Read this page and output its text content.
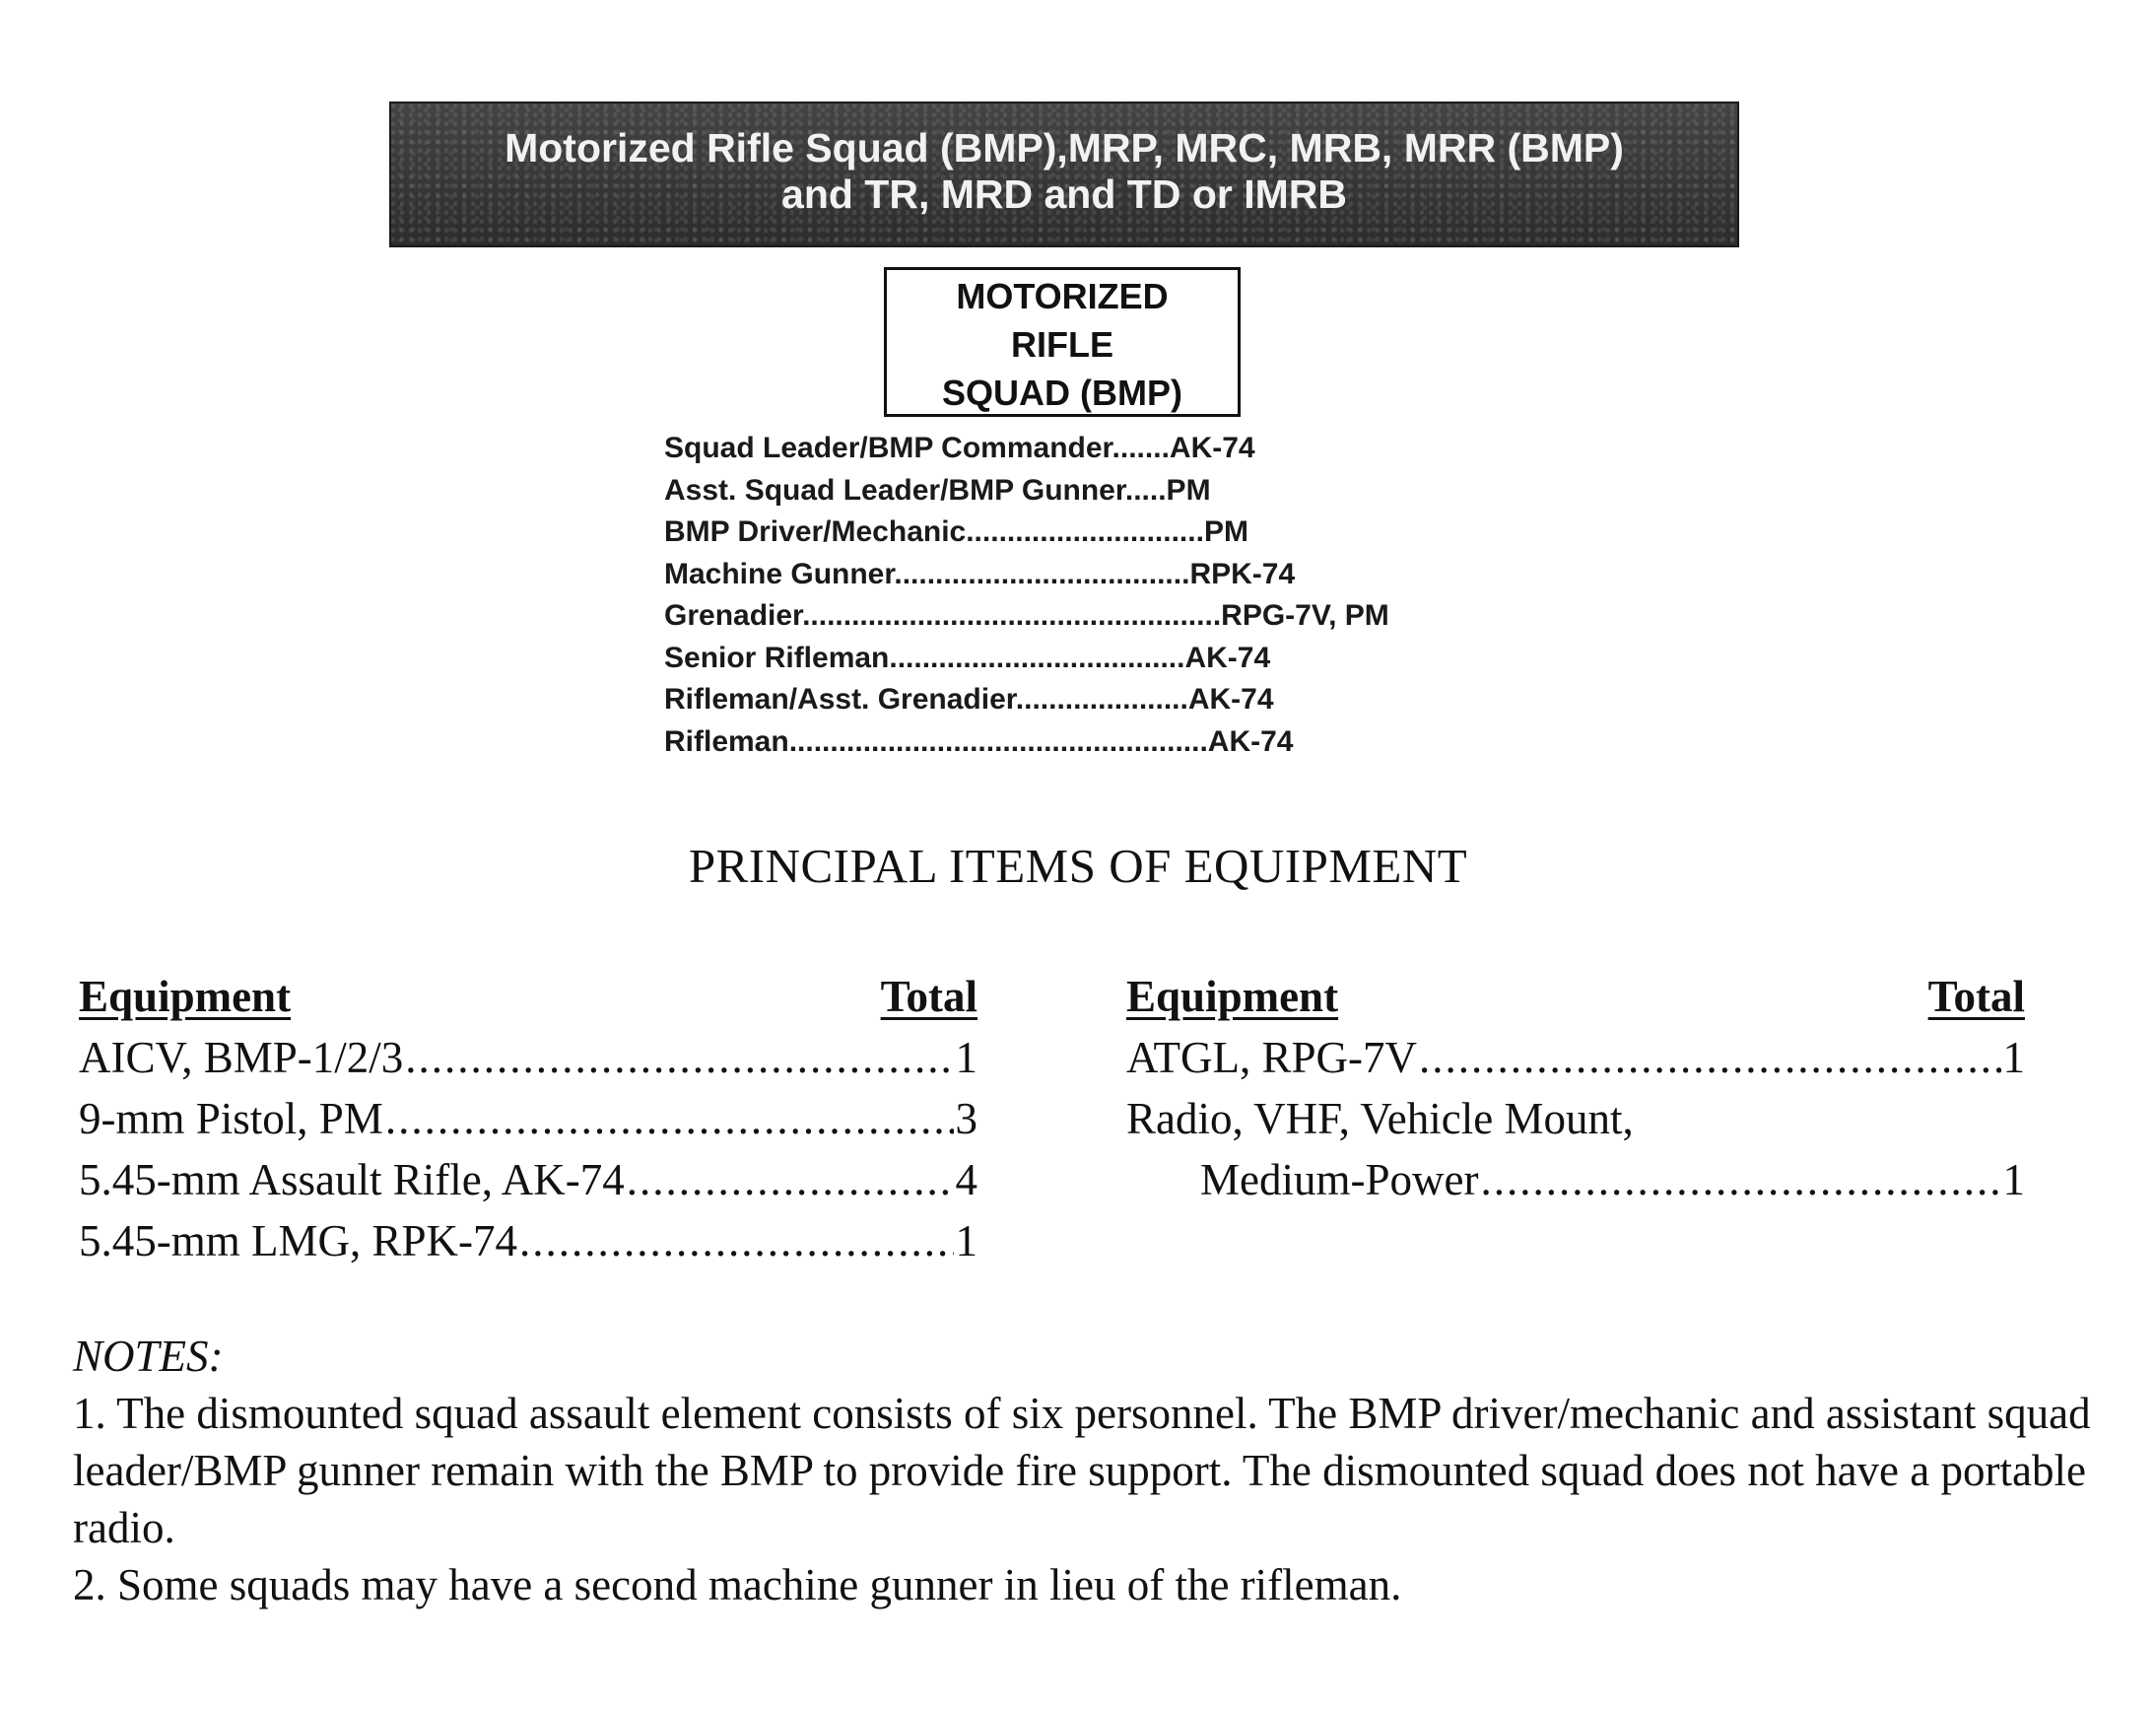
Motorized Rifle Squad (BMP),MRP, MRC, MRB, MRR (BMP)
and TR, MRD and TD or IMRB
MOTORIZED
RIFLE
SQUAD (BMP)
Squad Leader/BMP Commander.......AK-74
Asst. Squad Leader/BMP Gunner.....PM
BMP Driver/Mechanic.............................PM
Machine Gunner....................................RPK-74
Grenadier...................................................RPG-7V, PM
Senior Rifleman....................................AK-74
Rifleman/Asst. Grenadier.....................AK-74
Rifleman...................................................AK-74
PRINCIPAL ITEMS OF EQUIPMENT
Equipment	Total
AICV, BMP-1/2/3 .....	1
9-mm Pistol, PM .....	3
5.45-mm Assault Rifle, AK-74 .....	4
5.45-mm LMG, RPK-74 .....	1
Equipment	Total
ATGL, RPG-7V .....	1
Radio, VHF, Vehicle Mount,
Medium-Power .....	1
NOTES:

1. The dismounted squad assault element consists of six personnel. The BMP driver/mechanic and assistant squad leader/BMP gunner remain with the BMP to provide fire support. The dismounted squad does not have a portable radio.

2. Some squads may have a second machine gunner in lieu of the rifleman.
